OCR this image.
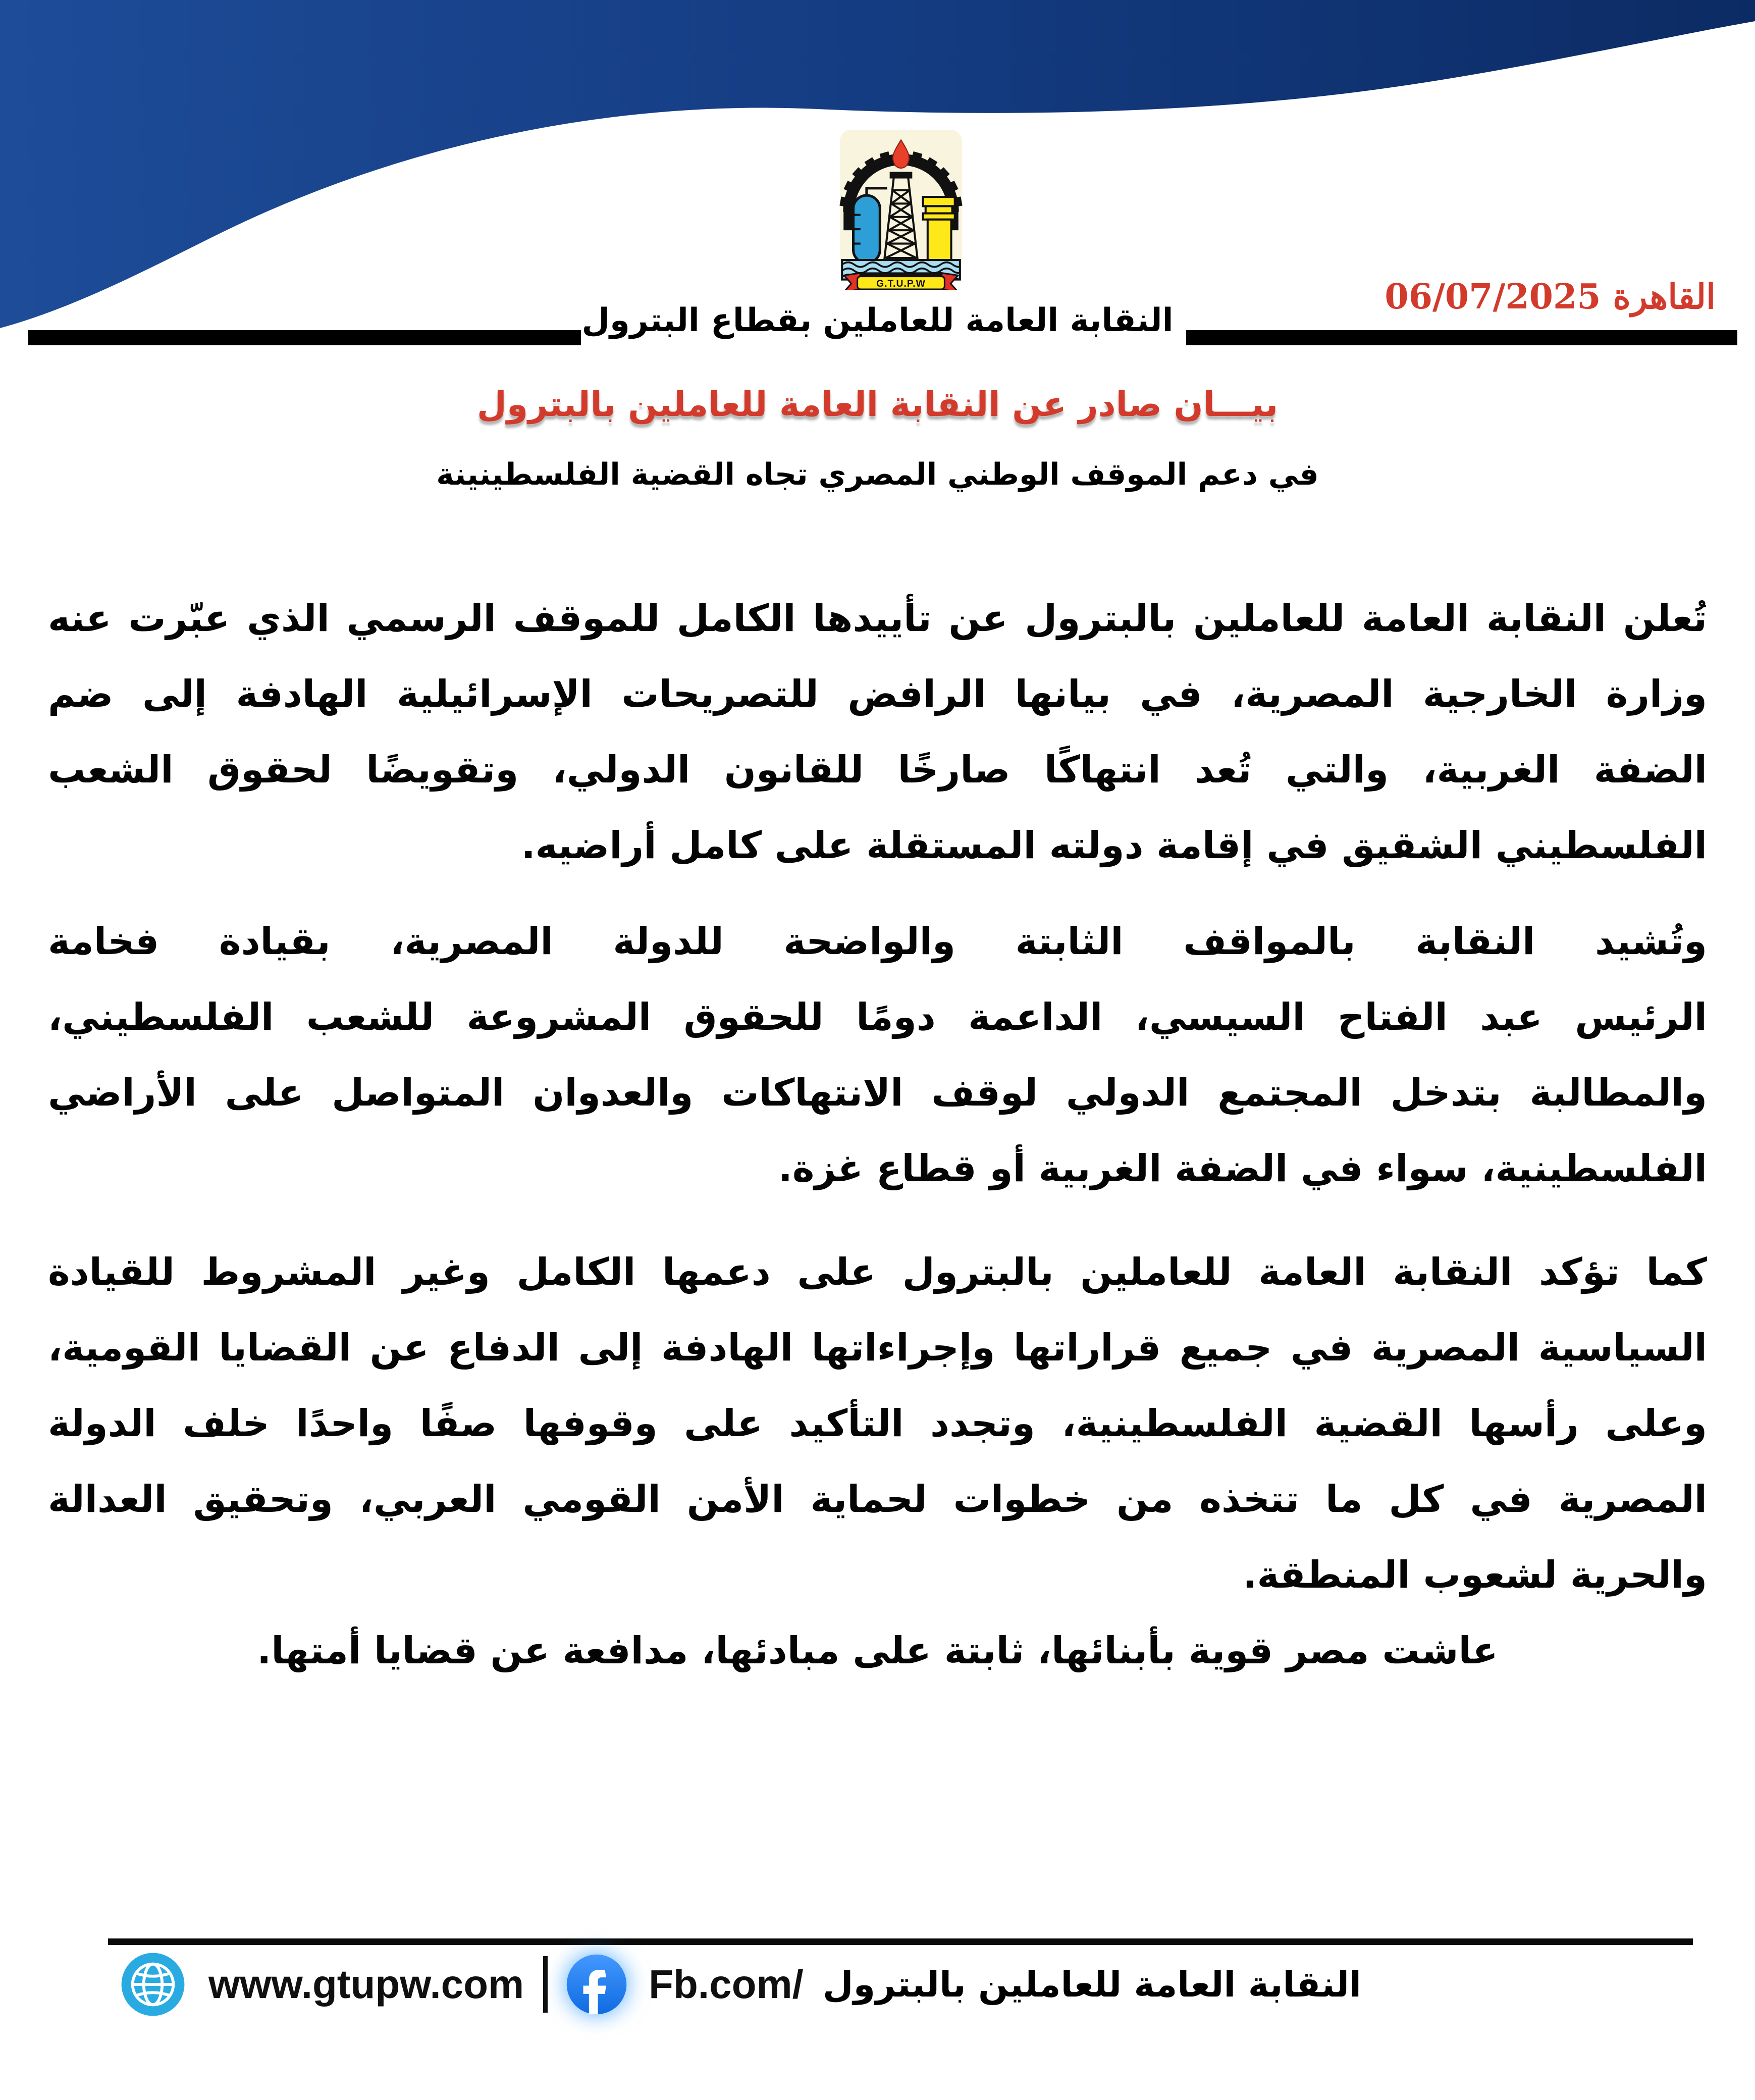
G.T.U.P.W	القاهرة 06/07/2025
النقابة العامة للعاملين بقطاع البترول
بيـــان صادر عن النقابة العامة للعاملين بالبترول
في دعم الموقف الوطني المصري تجاه القضية الفلسطينينة
تُعلن النقابة العامة للعاملين بالبترول عن تأييدها الكامل للموقف الرسمي الذي عبّرت عنه
وزارة الخارجية المصرية، في بيانها الرافض للتصريحات الإسرائيلية الهادفة إلى ضم
الضفة الغربية، والتي تُعد انتهاكًا صارخًا للقانون الدولي، وتقويضًا لحقوق الشعب
الفلسطيني الشقيق في إقامة دولته المستقلة على كامل أراضيه.
وتُشيد النقابة بالمواقف الثابتة والواضحة للدولة المصرية، بقيادة فخامة
الرئيس عبد الفتاح السيسي، الداعمة دومًا للحقوق المشروعة للشعب الفلسطيني،
والمطالبة بتدخل المجتمع الدولي لوقف الانتهاكات والعدوان المتواصل على الأراضي
الفلسطينية، سواء في الضفة الغربية أو قطاع غزة.
كما تؤكد النقابة العامة للعاملين بالبترول على دعمها الكامل وغير المشروط للقيادة
السياسية المصرية في جميع قراراتها وإجراءاتها الهادفة إلى الدفاع عن القضايا القومية،
وعلى رأسها القضية الفلسطينية، وتجدد التأكيد على وقوفها صفًا واحدًا خلف الدولة
المصرية في كل ما تتخذه من خطوات لحماية الأمن القومي العربي، وتحقيق العدالة
والحرية لشعوب المنطقة.
عاشت مصر قوية بأبنائها، ثابتة على مبادئها، مدافعة عن قضايا أمتها.
www.gtupw.com	Fb.com/ النقابة العامة للعاملين بالبترول
